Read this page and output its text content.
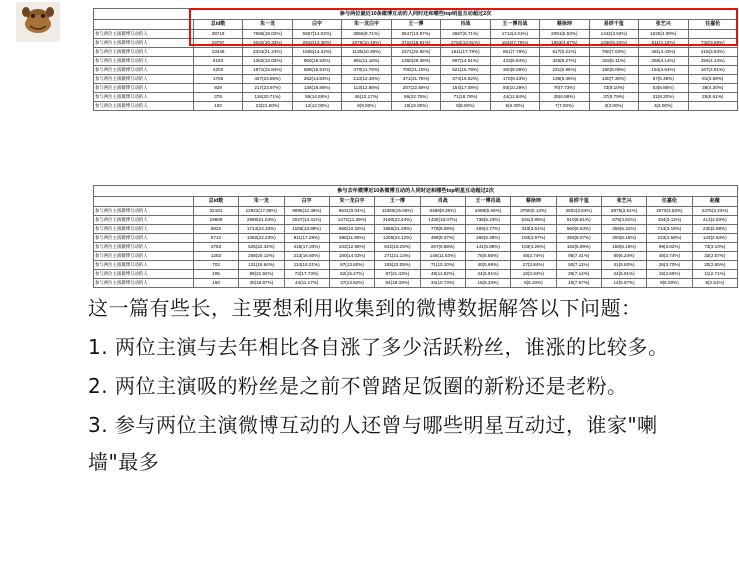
参与两位最近10条微博互动的人同时还和哪些top明星互动超过2次											
	总id数	朱一龙	白宇	朱一龙白宇	王一博	肖战	王一博肖战	蔡徐坤	易烊千玺	张艺兴	任嘉伦
参与两位主演微博互动的人	39719	7555(19.02%)	5567(14.02%)	3855(9.71%)	5547(13.97%)	2667(6.71%)	1712(4.31%)	2091(5.53%)	1442(3.63%)	1625(4.09%)	
参与两位主演微博互动的人	19787	4022(20.33%)	2842(14.36%)	2076(10.49%)	3722(18.81%)	2752(13.91%)	1542(7.79%)	1953(4.87%)	1036(5.24%)	811(4.10%)	730(3.69%)
参与两位主演微博互动的人	10349	2324(21.24%)	1556(14.32%)	1135(10.39%)	2371(22.92%)	1911(17.78%)	851(7.78%)	617(5.21%)	760(7.03%)	481(4.43%)	415(3.83%)
参与两位主演微博互动的人	6183	1362(22.03%)	960(15.53%)	691(11.18%)	1360(29.38%)	897(14.51%)	423(6.84%)	326(5.27%)	316(5.11%)	256(4.14%)	256(4.14%)
参与两位主演微博互动的人	4202	1871(22.84%)	598(15.51%)	470(11.79%)	700(21.10%)	521(15.78%)	300(9.08%)	231(6.96%)	160(5.06%)	154(4.64%)	167(4.91%)
参与两位主演微博互动的人	1706	407(23.85%)	262(14.83%)	213(12.48%)	371(21.75%)	274(16.52%)	170(9.43%)	136(6.46%)	130(7.30%)	97(5.48%)	81(4.59%)
参与两位主演微博互动的人	929	217(23.97%)	136(18.88%)	113(12.88%)	207(22.89%)	154(17.08%)	93(10.29%)	70(7.73%)	73(8.10%)	53(5.86%)	39(4.30%)
参与两位主演微博互动的人	378	118(20.71%)	55(14.55%)	46(12.17%)	86(22.75%)	71(18.78%)	44(11.64%)	28(6.88%)	37(9.79%)	31(8.20%)	25(6.61%)
参与两位主演微博互动的人	100	23(21.60%)	12(12.00%)	9(9.00%)	19(19.00%)	8(8.00%)	6(6.00%)	7(7.00%)	3(3.00%)	3(3.00%)	
参与去年微博近10条微博互动的人同时还和哪些top明星互动超过2次												
	总id数	朱一龙	白宇	朱一龙白宇	王一博	肖战	王一博肖战	蔡徐坤	易烊千玺	张艺兴	任嘉伦	赵薇
参与两位主演微博互动的人	32181	12922(17.38%)	9095(12.36%)	6631(9.01%)	11080(15.06%)	6489(8.26%)	4089(5.56%)	3780(5.13%)	2602(3.54%)	2875(3.91%)	2670(3.63%)	2375(3.23%)
参与两位主演微博互动的人	19808	2959(21.04%)	2027(14.41%)	1472(11.36%)	3160(22.44%)	1430(10.07%)	738(5.24%)	531(3.86%)	910(8.51%)	678(4.81%)	434(3.11%)	413(2.93%)
参与两位主演微博互动的人	8822	1713(24.33%)	1155(13.99%)	866(10.32%)	1856(21.29%)	778(9.08%)	409(4.77%)	310(3.61%)	560(6.53%)	456(5.31%)	714(3.15%)	230(2.68%)
参与两位主演微博互动的人	5712	1082(22.23%)	811(17.28%)	598(11.96%)	1206(24.12%)	498(9.37%)	266(5.48%)	193(3.97%)	393(8.07%)	300(6.16%)	223(4.58%)	143(2.94%)
参与两位主演微博互动的人	2753	525(22.42%)	415(17.33%)	343(12.85%)	642(16.25%)	267(9.88%)	141(5.88%)	103(4.25%)	182(5.99%)	158(6.19%)	99(3.82%)	73(3.10%)
参与两位主演微博互动的人	1283	258(20.12%)	213(16.60%)	180(14.03%)	271(21.13%)	148(11.53%)	75(5.85%)	48(3.74%)	95(7.41%)	80(6.24%)	48(3.74%)	33(2.57%)
参与两位主演微博互动的人	703	131(18.64%)	114(16.21%)	97(13.80%)	155(22.05%)	71(10.10%)	40(5.69%)	27(3.84%)	50(7.11%)	41(5.83%)	26(3.70%)	20(2.85%)
参与两位主演微博互动的人	406	89(21.92%)	72(17.73%)	62(15.27%)	87(21.43%)	48(11.82%)	24(5.91%)	16(3.94%)	29(7.14%)	24(5.91%)	15(3.69%)	11(2.71%)
参与两位主演微博互动的人	150	30(18.87%)	44(11.17%)	37(13.82%)	54(18.33%)	34(10.73%)	15(5.33%)	8(5.33%)	18(7.67%)	14(5.67%)	9(6.00%)	8(2.51%)

这一篇有些长，主要想利用收集到的微博数据解答以下问题：

1. 两位主演与去年相比各自涨了多少活跃粉丝，谁涨的比较多。

2. 两位主演吸的粉丝是之前不曾踏足饭圈的新粉还是老粉。

3. 参与两位主演微博互动的人还曾与哪些明星互动过，谁家"喇墙"最多
